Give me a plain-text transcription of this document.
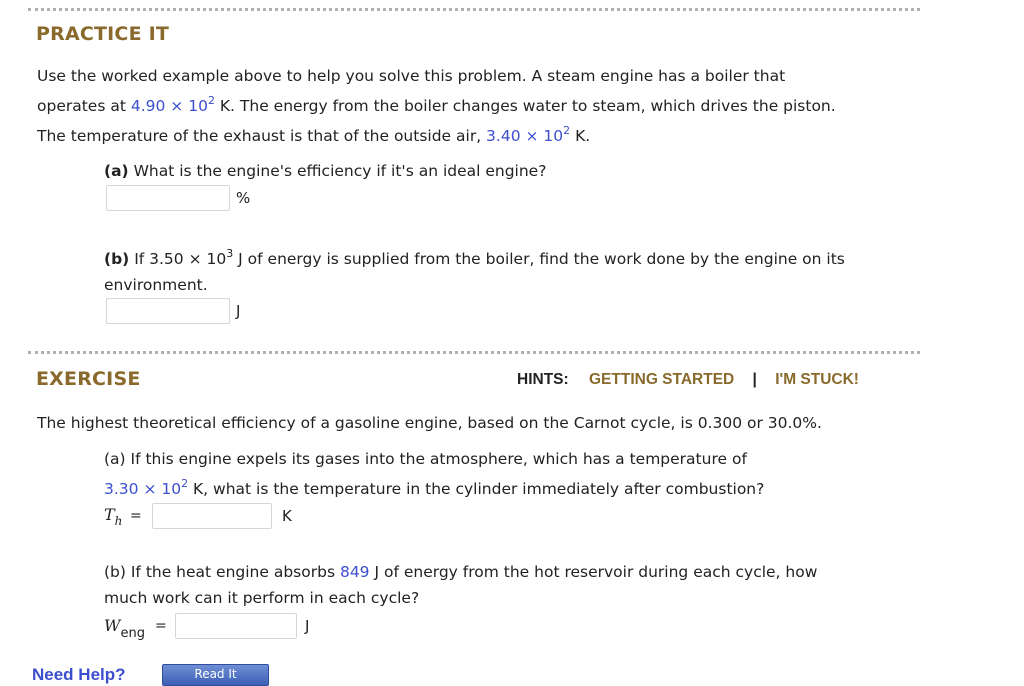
PRACTICE IT
Use the worked example above to help you solve this problem. A steam engine has a boiler that
operates at $4.90 \times 10^2$ K. The energy from the boiler changes water to steam, which drives the piston.
The temperature of the exhaust is that of the outside air, $3.40 \times 10^2$ K.
(a) What is the engine's efficiency if it's an ideal engine?
%
(b) If $3.50 \times 10^3$ J of energy is supplied from the boiler, find the work done by the engine on its
environment.
J
EXERCISE	HINTS: GETTING STARTED | I'M STUCK!
The highest theoretical efficiency of a gasoline engine, based on the Carnot cycle, is 0.300 or 30.0%.
(a) If this engine expels its gases into the atmosphere, which has a temperature of
$3.30 \times 10^2$ K, what is the temperature in the cylinder immediately after combustion?
$T_h$ =	K
(b) If the heat engine absorbs 849 J of energy from the hot reservoir during each cycle, how
much work can it perform in each cycle?
$W_{eng}$ =	J
Need Help?	Read It
